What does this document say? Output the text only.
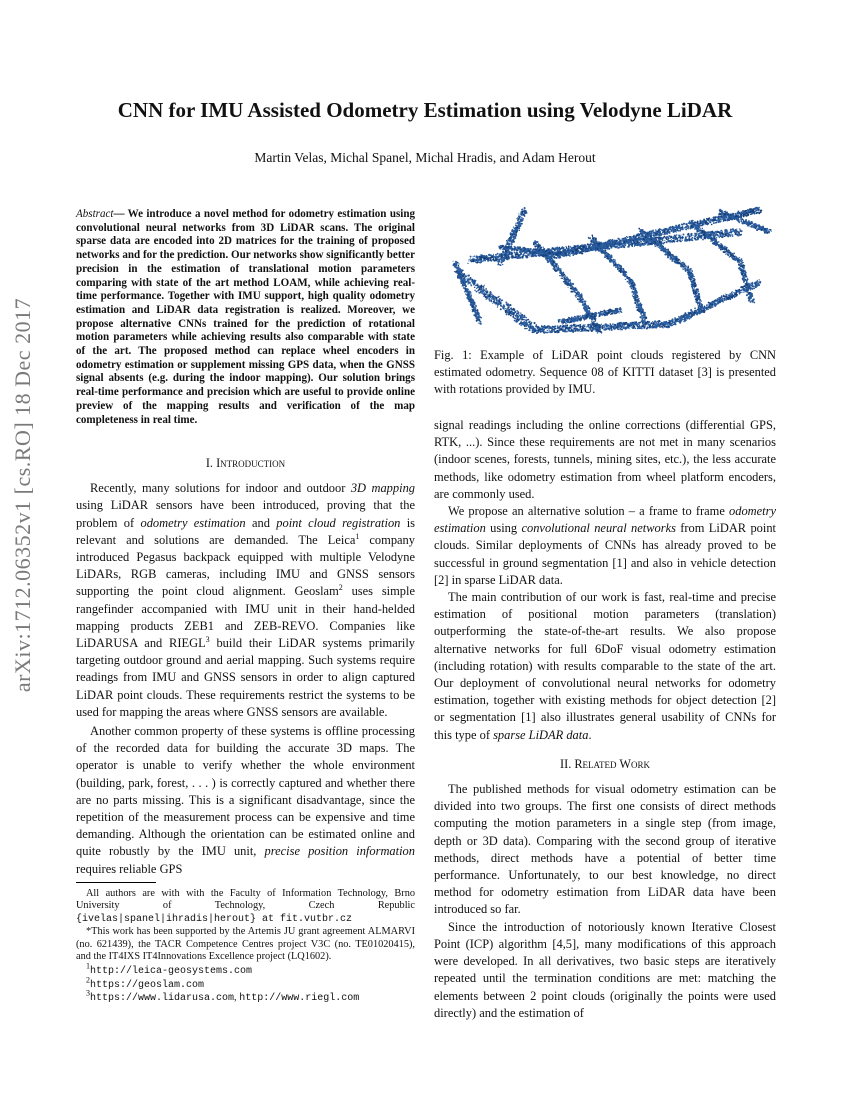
arXiv:1712.06352v1 [cs.RO] 18 Dec 2017
CNN for IMU Assisted Odometry Estimation using Velodyne LiDAR
Martin Velas, Michal Spanel, Michal Hradis, and Adam Herout
Abstract— We introduce a novel method for odometry estimation using convolutional neural networks from 3D LiDAR scans. The original sparse data are encoded into 2D matrices for the training of proposed networks and for the prediction. Our networks show significantly better precision in the estimation of translational motion parameters comparing with state of the art method LOAM, while achieving real-time performance. Together with IMU support, high quality odometry estimation and LiDAR data registration is realized. Moreover, we propose alternative CNNs trained for the prediction of rotational motion parameters while achieving results also comparable with state of the art. The proposed method can replace wheel encoders in odometry estimation or supplement missing GPS data, when the GNSS signal absents (e.g. during the indoor mapping). Our solution brings real-time performance and precision which are useful to provide online preview of the mapping results and verification of the map completeness in real time.
I. Introduction

Recently, many solutions for indoor and outdoor 3D mapping using LiDAR sensors have been introduced, proving that the problem of odometry estimation and point cloud registration is relevant and solutions are demanded. The Leica$^1$ company introduced Pegasus backpack equipped with multiple Velodyne LiDARs, RGB cameras, including IMU and GNSS sensors supporting the point cloud alignment. Geoslam$^2$ uses simple rangefinder accompanied with IMU unit in their hand-helded mapping products ZEB1 and ZEB-REVO. Companies like LiDARUSA and RIEGL$^3$ build their LiDAR systems primarily targeting outdoor ground and aerial mapping. Such systems require readings from IMU and GNSS sensors in order to align captured LiDAR point clouds. These requirements restrict the systems to be used for mapping the areas where GNSS sensors are available.

Another common property of these systems is offline processing of the recorded data for building the accurate 3D maps. The operator is unable to verify whether the whole environment (building, park, forest, . . . ) is correctly captured and whether there are no parts missing. This is a significant disadvantage, since the repetition of the measurement process can be expensive and time demanding. Although the orientation can be estimated online and quite robustly by the IMU unit, precise position information requires reliable GPS

All authors are with with the Faculty of Information Technology, Brno University of Technology, Czech Republic {ivelas|spanel|ihradis|herout} at fit.vutbr.cz

*This work has been supported by the Artemis JU grant agreement ALMARVI (no. 621439), the TACR Competence Centres project V3C (no. TE01020415), and the IT4IXS IT4Innovations Excellence project (LQ1602).

$^1$http://leica-geosystems.com

$^2$https://geoslam.com

$^3$https://www.lidarusa.com, http://www.riegl.com

Fig. 1: Example of LiDAR point clouds registered by CNN estimated odometry. Sequence 08 of KITTI dataset [3] is presented with rotations provided by IMU.

signal readings including the online corrections (differential GPS, RTK, ...). Since these requirements are not met in many scenarios (indoor scenes, forests, tunnels, mining sites, etc.), the less accurate methods, like odometry estimation from wheel platform encoders, are commonly used.

We propose an alternative solution – a frame to frame odometry estimation using convolutional neural networks from LiDAR point clouds. Similar deployments of CNNs has already proved to be successful in ground segmentation [1] and also in vehicle detection [2] in sparse LiDAR data.

The main contribution of our work is fast, real-time and precise estimation of positional motion parameters (translation) outperforming the state-of-the-art results. We also propose alternative networks for full 6DoF visual odometry estimation (including rotation) with results comparable to the state of the art. Our deployment of convolutional neural networks for odometry estimation, together with existing methods for object detection [2] or segmentation [1] also illustrates general usability of CNNs for this type of sparse LiDAR data.

II. Related Work

The published methods for visual odometry estimation can be divided into two groups. The first one consists of direct methods computing the motion parameters in a single step (from image, depth or 3D data). Comparing with the second group of iterative methods, direct methods have a potential of better time performance. Unfortunately, to our best knowledge, no direct method for odometry estimation from LiDAR data have been introduced so far.

Since the introduction of notoriously known Iterative Closest Point (ICP) algorithm [4,5], many modifications of this approach were developed. In all derivatives, two basic steps are iteratively repeated until the termination conditions are met: matching the elements between 2 point clouds (originally the points were used directly) and the estimation of
